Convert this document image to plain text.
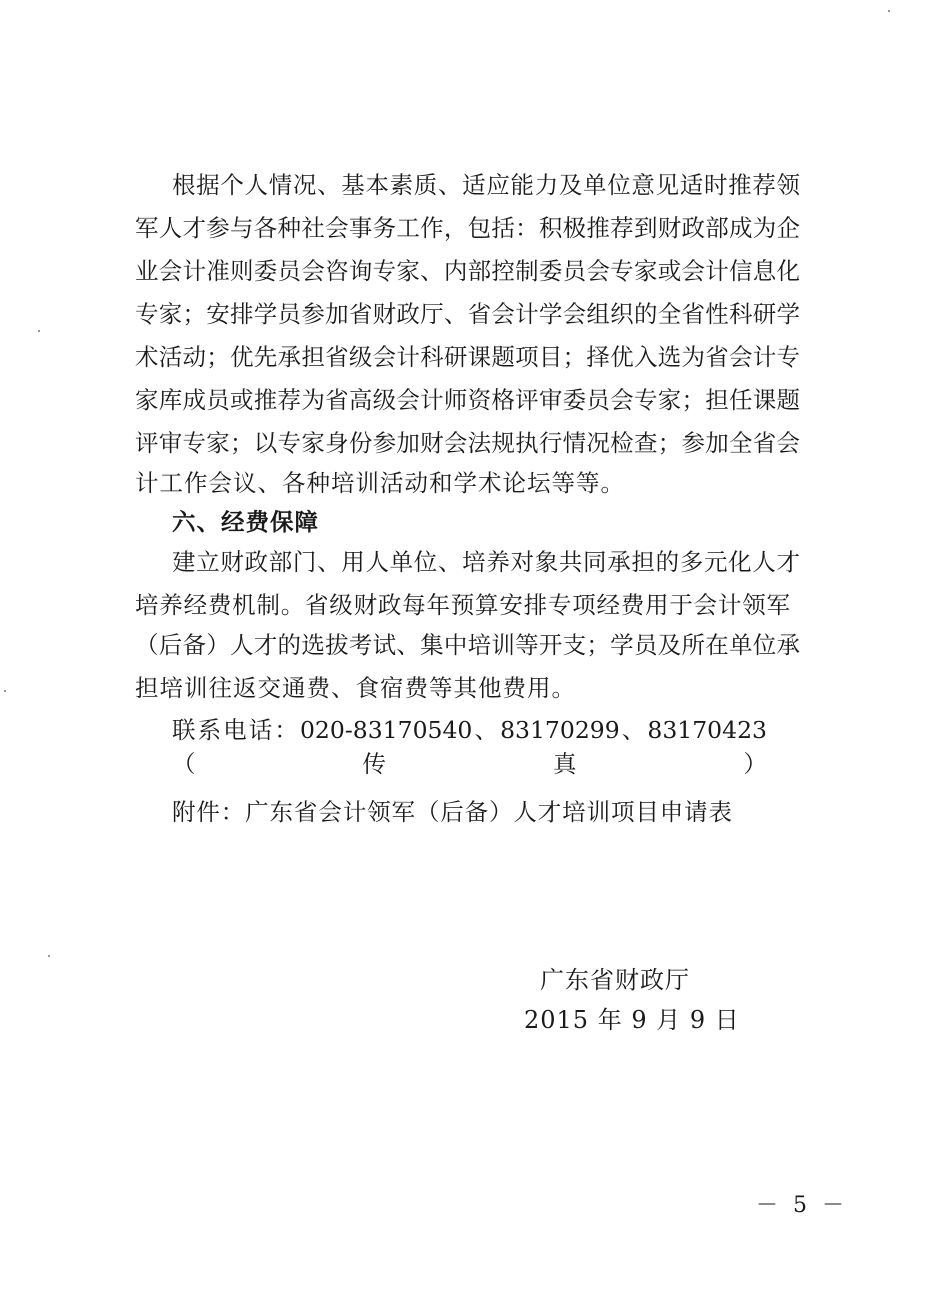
根据个人情况、基本素质、适应能力及单位意见适时推荐领
军人才参与各种社会事务工作，包括：积极推荐到财政部成为企
业会计准则委员会咨询专家、内部控制委员会专家或会计信息化
专家；安排学员参加省财政厅、省会计学会组织的全省性科研学
术活动；优先承担省级会计科研课题项目；择优入选为省会计专
家库成员或推荐为省高级会计师资格评审委员会专家；担任课题
评审专家；以专家身份参加财会法规执行情况检查；参加全省会
计工作会议、各种培训活动和学术论坛等等。
六、经费保障
建立财政部门、用人单位、培养对象共同承担的多元化人才
培养经费机制。省级财政每年预算安排专项经费用于会计领军
（后备）人才的选拔考试、集中培训等开支；学员及所在单位承
担培训往返交通费、食宿费等其他费用。
联系电话：020-83170540、83170299、83170423（传真）
附件：广东省会计领军（后备）人才培训项目申请表
广东省财政厅
2015 年 9 月 9 日
－ 5 －
